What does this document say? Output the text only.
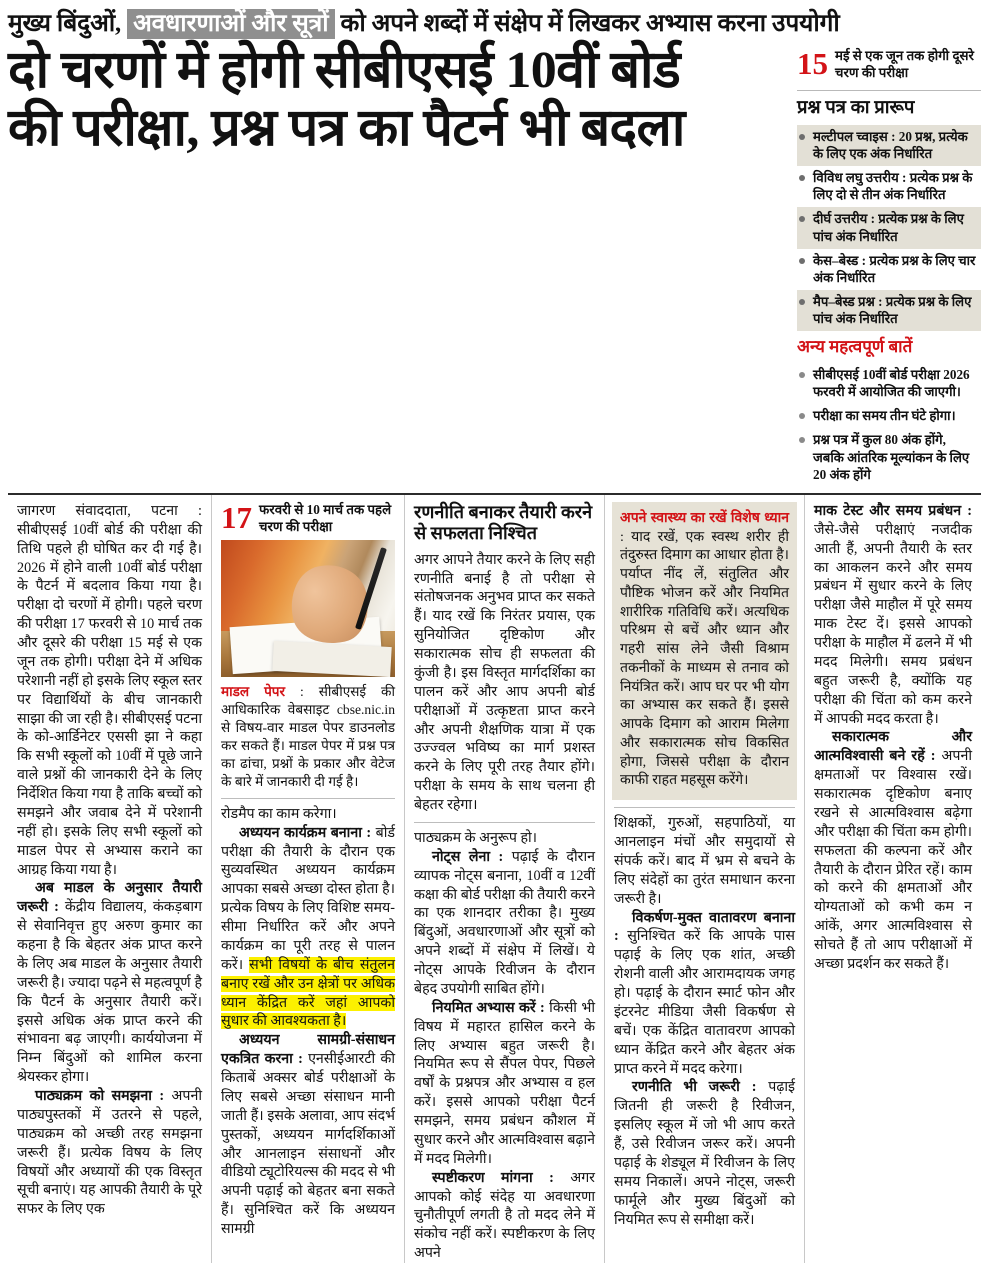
मुख्य बिंदुओं, अवधारणाओं और सूत्रों को अपने शब्दों में संक्षेप में लिखकर अभ्यास करना उपयोगी
दो चरणों में होगी सीबीएसई 10वीं बोर्ड
की परीक्षा, प्रश्न पत्र का पैटर्न भी बदला
15 मई से एक जून तक होगी दूसरे चरण की परीक्षा
प्रश्न पत्र का प्रारूप
मल्टीपल च्वाइस : 20 प्रश्न, प्रत्येक के लिए एक अंक निर्धारित
विविध लघु उत्तरीय : प्रत्येक प्रश्न के लिए दो से तीन अंक निर्धारित
दीर्घ उत्तरीय : प्रत्येक प्रश्न के लिए पांच अंक निर्धारित
केस–बेस्ड : प्रत्येक प्रश्न के लिए चार अंक निर्धारित
मैप–बेस्ड प्रश्न : प्रत्येक प्रश्न के लिए पांच अंक निर्धारित
अन्य महत्वपूर्ण बातें
सीबीएसई 10वीं बोर्ड परीक्षा 2026 फरवरी में आयोजित की जाएगी।
परीक्षा का समय तीन घंटे होगा।
प्रश्न पत्र में कुल 80 अंक होंगे, जबकि आंतरिक मूल्यांकन के लिए 20 अंक होंगे

जागरण संवाददाता, पटना : सीबीएसई 10वीं बोर्ड की परीक्षा की तिथि पहले ही घोषित कर दी गई है। 2026 में होने वाली 10वीं बोर्ड परीक्षा के पैटर्न में बदलाव किया गया है। परीक्षा दो चरणों में होगी। पहले चरण की परीक्षा 17 फरवरी से 10 मार्च तक और दूसरे की परीक्षा 15 मई से एक जून तक होगी। परीक्षा देने में अधिक परेशानी नहीं हो इसके लिए स्कूल स्तर पर विद्यार्थियों के बीच जानकारी साझा की जा रही है। सीबीएसई पटना के को-आर्डिनेटर एससी झा ने कहा कि सभी स्कूलों को 10वीं में पूछे जाने वाले प्रश्नों की जानकारी देने के लिए निर्देशित किया गया है ताकि बच्चों को समझने और जवाब देने में परेशानी नहीं हो। इसके लिए सभी स्कूलों को माडल पेपर से अभ्यास कराने का आग्रह किया गया है।

अब माडल के अनुसार तैयारी जरूरी : केंद्रीय विद्यालय, कंकड़बाग से सेवानिवृत्त हुए अरुण कुमार का कहना है कि बेहतर अंक प्राप्त करने के लिए अब माडल के अनुसार तैयारी जरूरी है। ज्यादा पढ़ने से महत्वपूर्ण है कि पैटर्न के अनुसार तैयारी करें। इससे अधिक अंक प्राप्त करने की संभावना बढ़ जाएगी। कार्ययोजना में निम्न बिंदुओं को शामिल करना श्रेयस्कर होगा।

पाठ्यक्रम को समझना : अपनी पाठ्यपुस्तकों में उतरने से पहले, पाठ्यक्रम को अच्छी तरह समझना जरूरी हैं। प्रत्येक विषय के लिए विषयों और अध्यायों की एक विस्तृत सूची बनाएं। यह आपकी तैयारी के पूरे सफर के लिए एक

17 फरवरी से 10 मार्च तक पहले चरण की परीक्षा

माडल पेपर : सीबीएसई की आधिकारिक वेबसाइट cbse.nic.in से विषय-वार माडल पेपर डाउनलोड कर सकते हैं। माडल पेपर में प्रश्न पत्र का ढांचा, प्रश्नों के प्रकार और वेटेज के बारे में जानकारी दी गई है।

रोडमैप का काम करेगा।

अध्ययन कार्यक्रम बनाना : बोर्ड परीक्षा की तैयारी के दौरान एक सुव्यवस्थित अध्ययन कार्यक्रम आपका सबसे अच्छा दोस्त होता है। प्रत्येक विषय के लिए विशिष्ट समय-सीमा निर्धारित करें और अपने कार्यक्रम का पूरी तरह से पालन करें। सभी विषयों के बीच संतुलन बनाए रखें और उन क्षेत्रों पर अधिक ध्यान केंद्रित करें जहां आपको सुधार की आवश्यकता है।

अध्ययन सामग्री-संसाधन एकत्रित करना : एनसीईआरटी की किताबें अक्सर बोर्ड परीक्षाओं के लिए सबसे अच्छा संसाधन मानी जाती हैं। इसके अलावा, आप संदर्भ पुस्तकों, अध्ययन मार्गदर्शिकाओं और आनलाइन संसाधनों और वीडियो ट्यूटोरियल्स की मदद से भी अपनी पढ़ाई को बेहतर बना सकते हैं। सुनिश्चित करें कि अध्ययन सामग्री

रणनीति बनाकर तैयारी करने से सफलता निश्चित

अगर आपने तैयार करने के लिए सही रणनीति बनाई है तो परीक्षा से संतोषजनक अनुभव प्राप्त कर सकते हैं। याद रखें कि निरंतर प्रयास, एक सुनियोजित दृष्टिकोण और सकारात्मक सोच ही सफलता की कुंजी है। इस विस्तृत मार्गदर्शिका का पालन करें और आप अपनी बोर्ड परीक्षाओं में उत्कृष्टता प्राप्त करने और अपनी शैक्षणिक यात्रा में एक उज्ज्वल भविष्य का मार्ग प्रशस्त करने के लिए पूरी तरह तैयार होंगे। परीक्षा के समय के साथ चलना ही बेहतर रहेगा।

पाठ्यक्रम के अनुरूप हो।

नोट्स लेना : पढ़ाई के दौरान व्यापक नोट्स बनाना, 10वीं व 12वीं कक्षा की बोर्ड परीक्षा की तैयारी करने का एक शानदार तरीका है। मुख्य बिंदुओं, अवधारणाओं और सूत्रों को अपने शब्दों में संक्षेप में लिखें। ये नोट्स आपके रिवीजन के दौरान बेहद उपयोगी साबित होंगे।

नियमित अभ्यास करें : किसी भी विषय में महारत हासिल करने के लिए अभ्यास बहुत जरूरी है। नियमित रूप से सैंपल पेपर, पिछले वर्षों के प्रश्नपत्र और अभ्यास व हल करें। इससे आपको परीक्षा पैटर्न समझने, समय प्रबंधन कौशल में सुधार करने और आत्मविश्वास बढ़ाने में मदद मिलेगी।

स्पष्टीकरण मांगना : अगर आपको कोई संदेह या अवधारणा चुनौतीपूर्ण लगती है तो मदद लेने में संकोच नहीं करें। स्पष्टीकरण के लिए अपने

अपने स्वास्थ्य का रखें विशेष ध्यान : याद रखें, एक स्वस्थ शरीर ही तंदुरुस्त दिमाग का आधार होता है। पर्याप्त नींद लें, संतुलित और पौष्टिक भोजन करें और नियमित शारीरिक गतिविधि करें। अत्यधिक परिश्रम से बचें और ध्यान और गहरी सांस लेने जैसी विश्राम तकनीकों के माध्यम से तनाव को नियंत्रित करें। आप घर पर भी योग का अभ्यास कर सकते हैं। इससे आपके दिमाग को आराम मिलेगा और सकारात्मक सोच विकसित होगा, जिससे परीक्षा के दौरान काफी राहत महसूस करेंगे।

शिक्षकों, गुरुओं, सहपाठियों, या आनलाइन मंचों और समुदायों से संपर्क करें। बाद में भ्रम से बचने के लिए संदेहों का तुरंत समाधान करना जरूरी है।

विकर्षण-मुक्त वातावरण बनाना : सुनिश्चित करें कि आपके पास पढ़ाई के लिए एक शांत, अच्छी रोशनी वाली और आरामदायक जगह हो। पढ़ाई के दौरान स्मार्ट फोन और इंटरनेट मीडिया जैसी विकर्षण से बचें। एक केंद्रित वातावरण आपको ध्यान केंद्रित करने और बेहतर अंक प्राप्त करने में मदद करेगा।

रणनीति भी जरूरी : पढ़ाई जितनी ही जरूरी है रिवीजन, इसलिए स्कूल में जो भी आप करते हैं, उसे रिवीजन जरूर करें। अपनी पढ़ाई के शेड्यूल में रिवीजन के लिए समय निकालें। अपने नोट्स, जरूरी फार्मूले और मुख्य बिंदुओं को नियमित रूप से समीक्षा करें।

माक टेस्ट और समय प्रबंधन : जैसे-जैसे परीक्षाएं नजदीक आती हैं, अपनी तैयारी के स्तर का आकलन करने और समय प्रबंधन में सुधार करने के लिए परीक्षा जैसे माहौल में पूरे समय माक टेस्ट दें। इससे आपको परीक्षा के माहौल में ढलने में भी मदद मिलेगी। समय प्रबंधन बहुत जरूरी है, क्योंकि यह परीक्षा की चिंता को कम करने में आपकी मदद करता है।

सकारात्मक और आत्मविश्वासी बने रहें : अपनी क्षमताओं पर विश्वास रखें। सकारात्मक दृष्टिकोण बनाए रखने से आत्मविश्वास बढ़ेगा और परीक्षा की चिंता कम होगी। सफलता की कल्पना करें और तैयारी के दौरान प्रेरित रहें। काम को करने की क्षमताओं और योग्यताओं को कभी कम न आंकें, अगर आत्मविश्वास से सोचते हैं तो आप परीक्षाओं में अच्छा प्रदर्शन कर सकते हैं।
